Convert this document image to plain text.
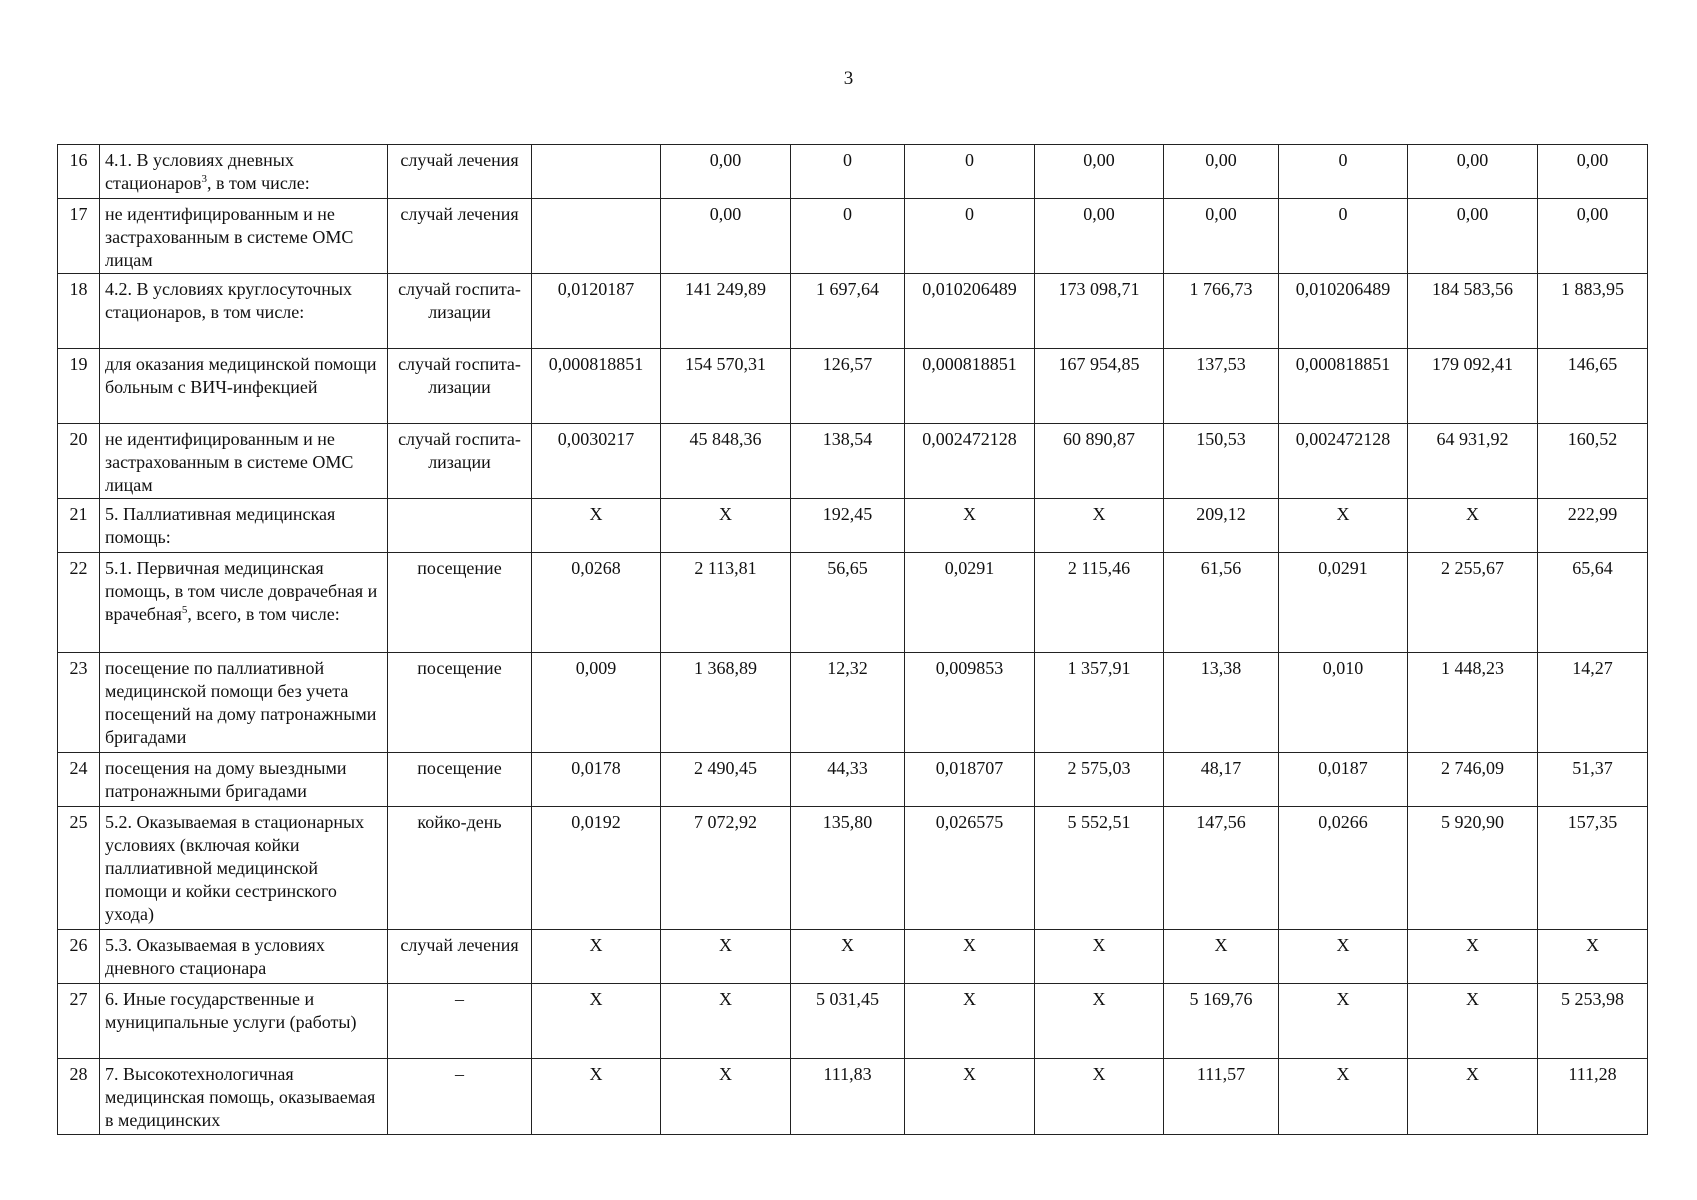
3
16	4.1. В условиях дневных стационаров$^3$, в том числе:	случай лечения		0,00	0	0	0,00	0,00	0	0,00	0,00
17	не идентифицированным и не застрахованным в системе ОМС лицам	случай лечения		0,00	0	0	0,00	0,00	0	0,00	0,00
18	4.2. В условиях круглосуточных стационаров, в том числе:	случай госпита-лизации	0,0120187	141 249,89	1 697,64	0,010206489	173 098,71	1 766,73	0,010206489	184 583,56	1 883,95
19	для оказания медицинской помощи больным с ВИЧ-инфекцией	случай госпита-лизации	0,000818851	154 570,31	126,57	0,000818851	167 954,85	137,53	0,000818851	179 092,41	146,65
20	не идентифицированным и не застрахованным в системе ОМС лицам	случай госпита-лизации	0,0030217	45 848,36	138,54	0,002472128	60 890,87	150,53	0,002472128	64 931,92	160,52
21	5. Паллиативная медицинская помощь:		X	X	192,45	X	X	209,12	X	X	222,99
22	5.1. Первичная медицинская помощь, в том числе доврачебная и врачебная$^5$, всего, в том числе:	посещение	0,0268	2 113,81	56,65	0,0291	2 115,46	61,56	0,0291	2 255,67	65,64
23	посещение по паллиативной медицинской помощи без учета посещений на дому патронажными бригадами	посещение	0,009	1 368,89	12,32	0,009853	1 357,91	13,38	0,010	1 448,23	14,27
24	посещения на дому выездными патронажными бригадами	посещение	0,0178	2 490,45	44,33	0,018707	2 575,03	48,17	0,0187	2 746,09	51,37
25	5.2. Оказываемая в стационарных условиях (включая койки паллиативной медицинской помощи и койки сестринского ухода)	койко-день	0,0192	7 072,92	135,80	0,026575	5 552,51	147,56	0,0266	5 920,90	157,35
26	5.3. Оказываемая в условиях дневного стационара	случай лечения	X	X	X	X	X	X	X	X	X
27	6. Иные государственные и муниципальные услуги (работы)	–	X	X	5 031,45	X	X	5 169,76	X	X	5 253,98
28	7. Высокотехнологичная медицинская помощь, оказываемая в медицинских	–	X	X	111,83	X	X	111,57	X	X	111,28
